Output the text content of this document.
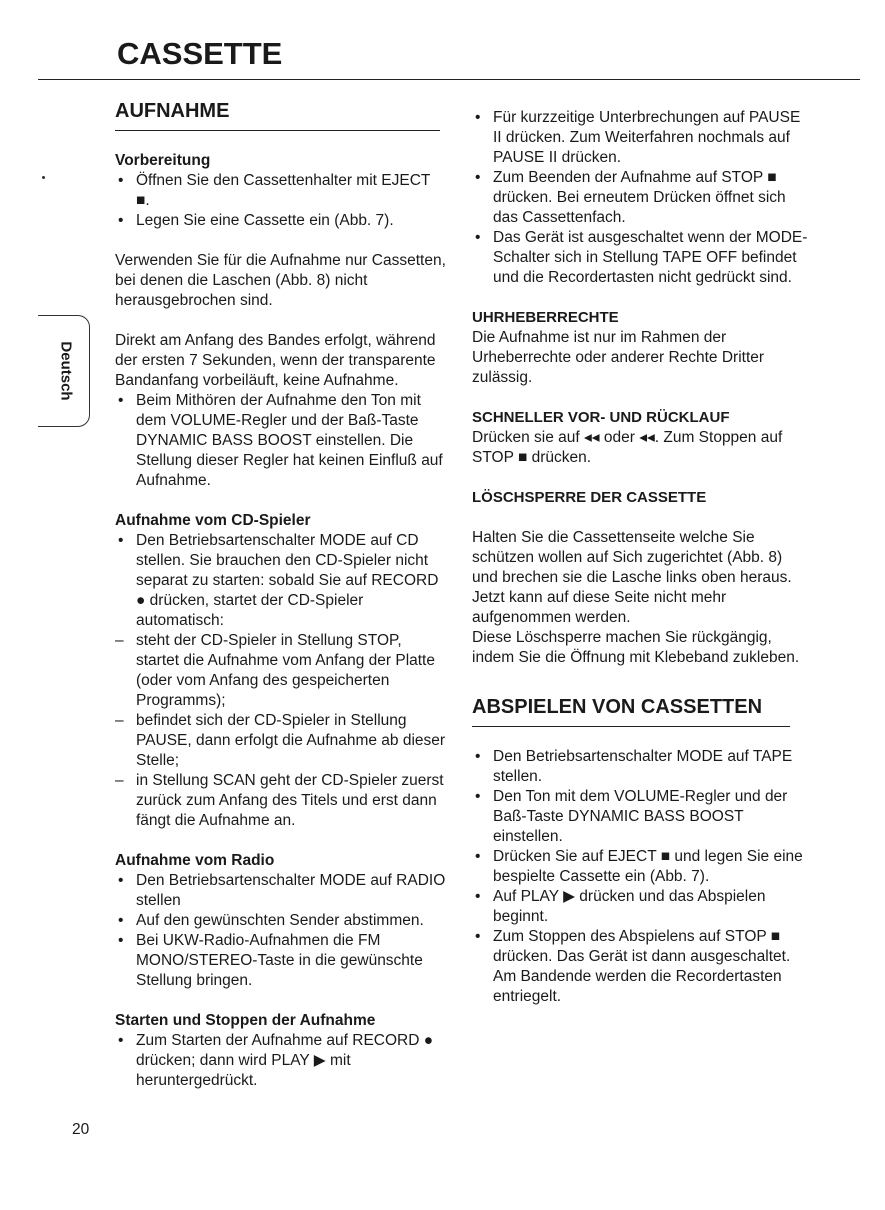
CASSETTE
Deutsch
AUFNAHME

Vorbereitung

• Öffnen Sie den Cassettenhalter mit EJECT ■.
• Legen Sie eine Cassette ein (Abb. 7).

Verwenden Sie für die Aufnahme nur Cassetten, bei denen die Laschen (Abb. 8) nicht herausgebrochen sind.

Direkt am Anfang des Bandes erfolgt, während der ersten 7 Sekunden, wenn der transparente Bandanfang vorbeiläuft, keine Aufnahme.

• Beim Mithören der Aufnahme den Ton mit dem VOLUME-Regler und der Baß-Taste DYNAMIC BASS BOOST einstellen. Die Stellung dieser Regler hat keinen Einfluß auf Aufnahme.

Aufnahme vom CD-Spieler

• Den Betriebsartenschalter MODE auf CD stellen. Sie brauchen den CD-Spieler nicht separat zu starten: sobald Sie auf RECORD ● drücken, startet der CD-Spieler automatisch:
– steht der CD-Spieler in Stellung STOP, startet die Aufnahme vom Anfang der Platte (oder vom Anfang des gespeicherten Programms);
– befindet sich der CD-Spieler in Stellung PAUSE, dann erfolgt die Aufnahme ab dieser Stelle;
– in Stellung SCAN geht der CD-Spieler zuerst zurück zum Anfang des Titels und erst dann fängt die Aufnahme an.

Aufnahme vom Radio

• Den Betriebsartenschalter MODE auf RADIO stellen
• Auf den gewünschten Sender abstimmen.
• Bei UKW-Radio-Aufnahmen die FM MONO/STEREO-Taste in die gewünschte Stellung bringen.

Starten und Stoppen der Aufnahme

• Zum Starten der Aufnahme auf RECORD ● drücken; dann wird PLAY ▶ mit heruntergedrückt.
• Für kurzzeitige Unterbrechungen auf PAUSE II drücken. Zum Weiterfahren nochmals auf PAUSE II drücken.
• Zum Beenden der Aufnahme auf STOP ■ drücken. Bei erneutem Drücken öffnet sich das Cassettenfach.
• Das Gerät ist ausgeschaltet wenn der MODE-Schalter sich in Stellung TAPE OFF befindet und die Recordertasten nicht gedrückt sind.

UHRHEBERRECHTE

Die Aufnahme ist nur im Rahmen der Urheberrechte oder anderer Rechte Dritter zulässig.

SCHNELLER VOR- UND RÜCKLAUF

Drücken sie auf ◂◂ oder ◂◂. Zum Stoppen auf STOP ■ drücken.

LÖSCHSPERRE DER CASSETTE

Halten Sie die Cassettenseite welche Sie schützen wollen auf Sich zugerichtet (Abb. 8) und brechen sie die Lasche links oben heraus. Jetzt kann auf diese Seite nicht mehr aufgenommen werden.

Diese Löschsperre machen Sie rückgängig, indem Sie die Öffnung mit Klebeband zukleben.

ABSPIELEN VON CASSETTEN
• Den Betriebsartenschalter MODE auf TAPE stellen.
• Den Ton mit dem VOLUME-Regler und der Baß-Taste DYNAMIC BASS BOOST einstellen.
• Drücken Sie auf EJECT ■ und legen Sie eine bespielte Cassette ein (Abb. 7).
• Auf PLAY ▶ drücken und das Abspielen beginnt.
• Zum Stoppen des Abspielens auf STOP ■ drücken. Das Gerät ist dann ausgeschaltet. Am Bandende werden die Recordertasten entriegelt.
20
